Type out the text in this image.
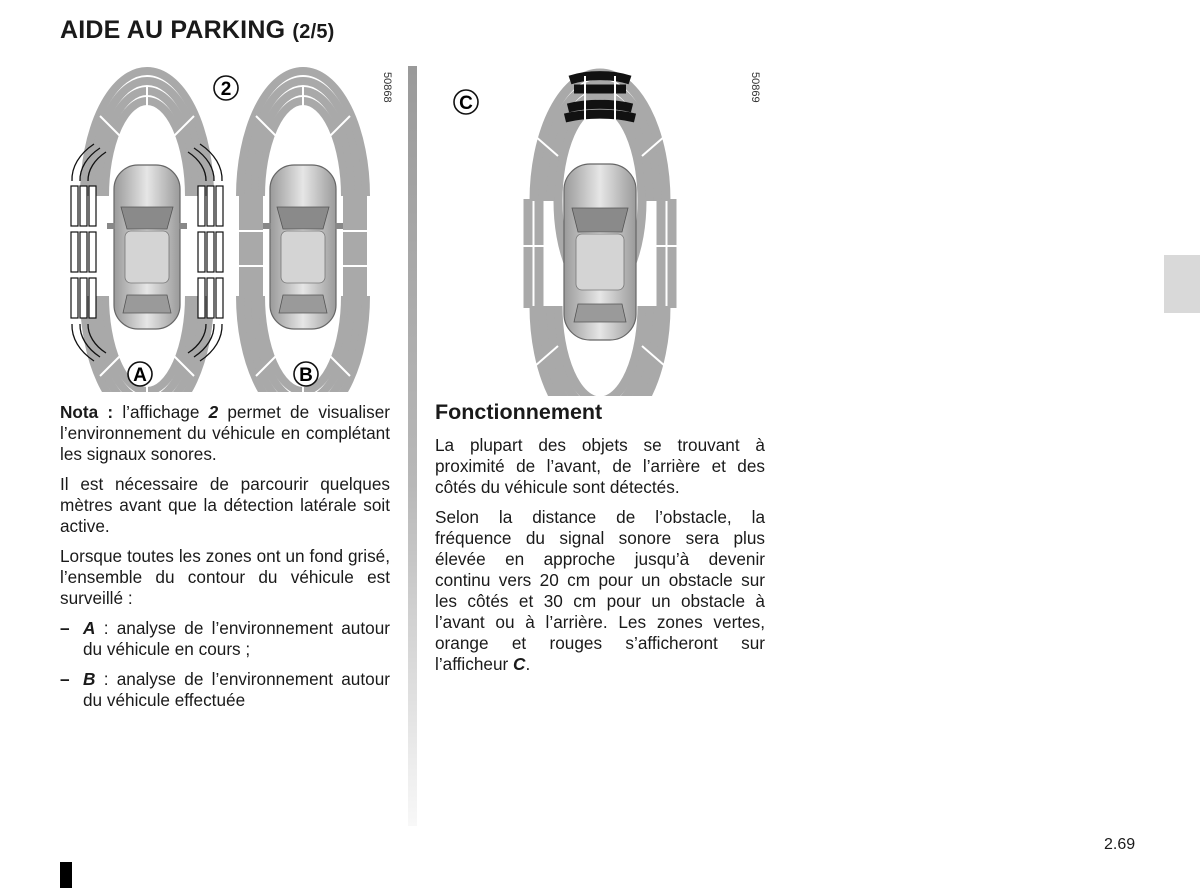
AIDE AU PARKING (2/5)
2
A	B
50868
C
50869

Nota : l’affichage 2 permet de visualiser l’environnement du véhicule en complétant les signaux sonores.

Il est nécessaire de parcourir quelques mètres avant que la détection latérale soit active.

Lorsque toutes les zones ont un fond grisé, l’ensemble du contour du véhicule est surveillé :

– A : analyse de l’environnement autour du véhicule en cours ;
– B : analyse de l’environnement autour du véhicule effectuée
Fonctionnement

La plupart des objets se trouvant à proximité de l’avant, de l’arrière et des côtés du véhicule sont détectés.

Selon la distance de l’obstacle, la fréquence du signal sonore sera plus élevée en approche jusqu’à devenir continu vers 20 cm pour un obstacle sur les côtés et 30 cm pour un obstacle à l’avant ou à l’arrière. Les zones vertes, orange et rouges s’afficheront sur l’afficheur C.

2.69
